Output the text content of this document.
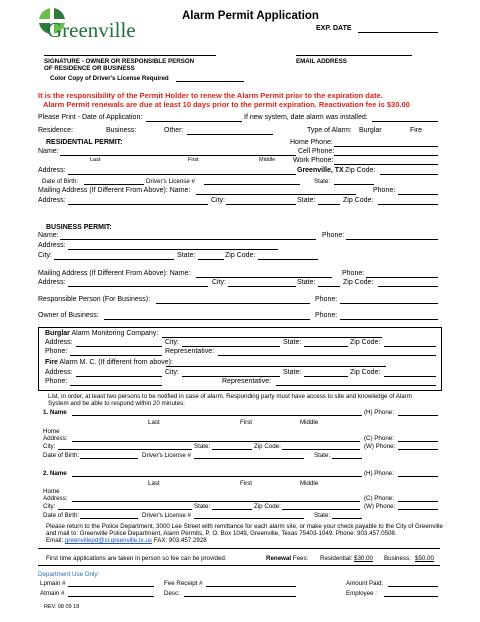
Greenville
Alarm Permit Application
EXP. DATE
SIGNATURE - OWNER OR RESPONSIBLE PERSON
OF RESIDENCE OR BUSINESS
EMAIL ADDRESS
Color Copy of Driver's License Required
It is the responsibility of the Permit Holder to renew the Alarm Permit prior to the expiration date.
Alarm Permit renewals are due at least 10 days prior to the permit expiration. Reactivation fee is $30.00
Please Print - Date of Application:	If new system, date alarm was installed:
Residence:	Business:	Other:	Type of Alarm: Burglar	Fire
RESIDENTIAL PERMIT:	Home Phone:
Name:	Cell Phone:
Last	First	Middle	Work Phone:
Address:	Greenville, TX Zip Code:
Date of Birth:	Driver's License #	State:
Mailing Address (If Different From Above): Name:	Phone:
Address:	City:	State:	Zip Code:
BUSINESS PERMIT:
Name:	Phone:
Address:
City:	State:	Zip Code:
Mailing Address (If Different From Above): Name:	Phone:
Address:	City:	State:	Zip Code:
Responsible Person (For Business):	Phone:
Owner of Business:	Phone:
Burglar Alarm Monitoring Company:
Address:	City:	State:	Zip Code:
Phone:	Representative:
Fire Alarm M. C. (If different from above):
Address:	City:	State:	Zip Code:
Phone:	Representative:
List, in order, at least two persons to be notified in case of alarm. Responding party must have access to site and knowledge of Alarm
System and be able to respond within 20 minutes:
1. Name	(H) Phone:
Last	First	Middle
Home
Address:	(C) Phone:
City:	State:	Zip Code:	(W) Phone:
Date of Birth:	Driver's License #	State:
2. Name	(H) Phone:
Last	First	Middle
Home
Address:	(C) Phone:
City:	State:	Zip Code:	(W) Phone:
Date of Birth:	Driver's License #	State:
Please return to the Police Department, 3000 Lee Street with remittance for each alarm site, or make your check payable to the City of Greenville
and mail to: Greenville Police Department, Alarm Permits, P. O. Box 1049, Greenville, Texas 75403-1049. Phone: 903.457.0508.
Email: greenvillepd@ci.greenville.tx.us FAX: 903.457.2928
First time applications are taken in person so fee can be provided.	Renewal Fees: Residential: $30.00 Business: $50.00
Department Use Only:
Lpmain #	Fee Receipt #	Amount Paid:
Atmain #	Desc:	Employee :
REV. 08 09 18
